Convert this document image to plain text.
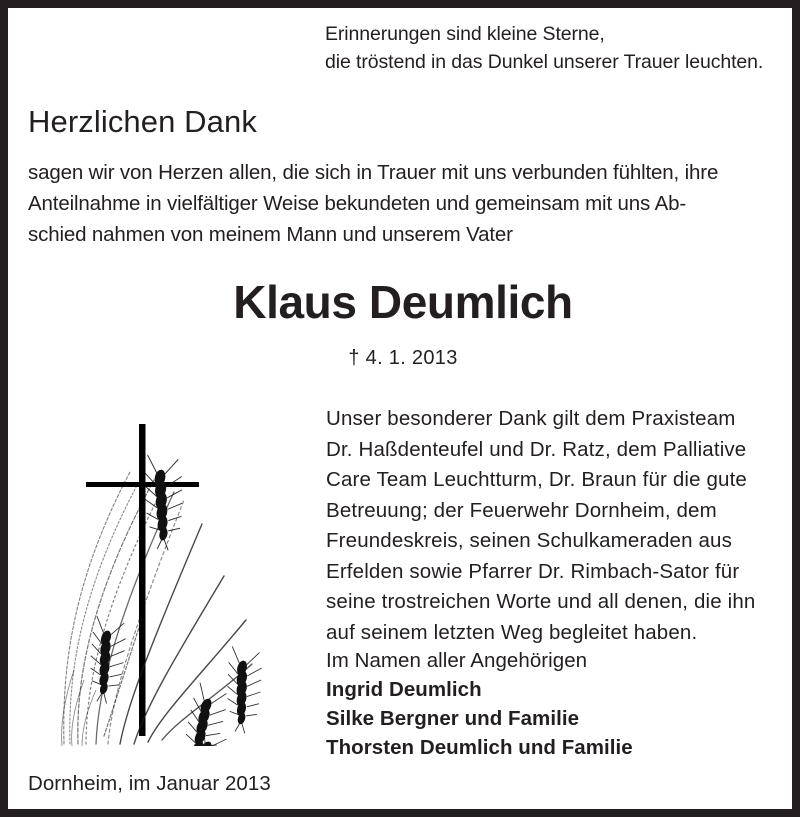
Erinnerungen sind kleine Sterne,
die tröstend in das Dunkel unserer Trauer leuchten.
Herzlichen Dank
sagen wir von Herzen allen, die sich in Trauer mit uns verbunden fühlten, ihre
Anteilnahme in vielfältiger Weise bekundeten und gemeinsam mit uns Ab-
schied nahmen von meinem Mann und unserem Vater
Klaus Deumlich
† 4. 1. 2013
Unser besonderer Dank gilt dem Praxisteam
Dr. Haßdenteufel und Dr. Ratz, dem Palliative
Care Team Leuchtturm, Dr. Braun für die gute
Betreuung; der Feuerwehr Dornheim, dem
Freundeskreis, seinen Schulkameraden aus
Erfelden sowie Pfarrer Dr. Rimbach-Sator für
seine trostreichen Worte und all denen, die ihn
auf seinem letzten Weg begleitet haben.
Im Namen aller Angehörigen
Ingrid Deumlich
Silke Bergner und Familie
Thorsten Deumlich und Familie
Dornheim, im Januar 2013
